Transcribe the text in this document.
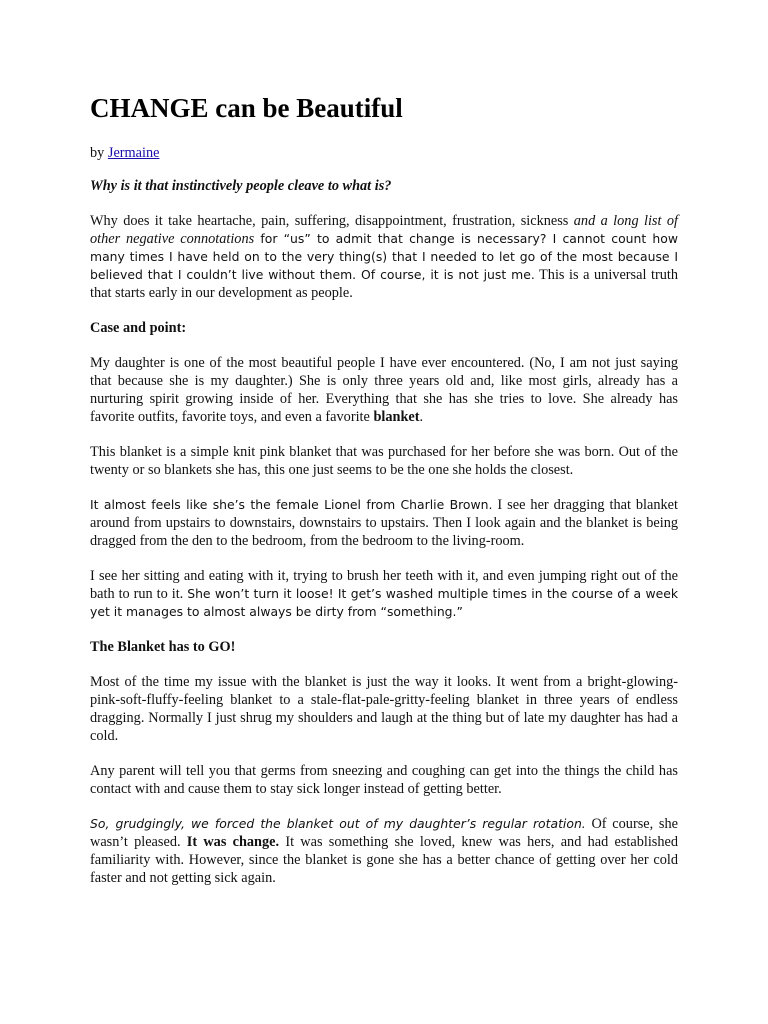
CHANGE can be Beautiful

by Jermaine

Why is it that instinctively people cleave to what is?

Why does it take heartache, pain, suffering, disappointment, frustration, sickness and a long list of other negative connotations for “us” to admit that change is necessary? I cannot count how many times I have held on to the very thing(s) that I needed to let go of the most because I believed that I couldn’t live without them. Of course, it is not just me. This is a universal truth that starts early in our development as people.

Case and point:

My daughter is one of the most beautiful people I have ever encountered. (No, I am not just saying that because she is my daughter.) She is only three years old and, like most girls, already has a nurturing spirit growing inside of her. Everything that she has she tries to love. She already has favorite outfits, favorite toys, and even a favorite blanket.

This blanket is a simple knit pink blanket that was purchased for her before she was born. Out of the twenty or so blankets she has, this one just seems to be the one she holds the closest.

It almost feels like she’s the female Lionel from Charlie Brown. I see her dragging that blanket around from upstairs to downstairs, downstairs to upstairs. Then I look again and the blanket is being dragged from the den to the bedroom, from the bedroom to the living-room.

I see her sitting and eating with it, trying to brush her teeth with it, and even jumping right out of the bath to run to it. She won’t turn it loose! It get’s washed multiple times in the course of a week yet it manages to almost always be dirty from “something.”

The Blanket has to GO!

Most of the time my issue with the blanket is just the way it looks. It went from a bright-glowing-pink-soft-fluffy-feeling blanket to a stale-flat-pale-gritty-feeling blanket in three years of endless dragging. Normally I just shrug my shoulders and laugh at the thing but of late my daughter has had a cold.

Any parent will tell you that germs from sneezing and coughing can get into the things the child has contact with and cause them to stay sick longer instead of getting better.

So, grudgingly, we forced the blanket out of my daughter’s regular rotation. Of course, she wasn’t pleased. It was change. It was something she loved, knew was hers, and had established familiarity with. However, since the blanket is gone she has a better chance of getting over her cold faster and not getting sick again.
